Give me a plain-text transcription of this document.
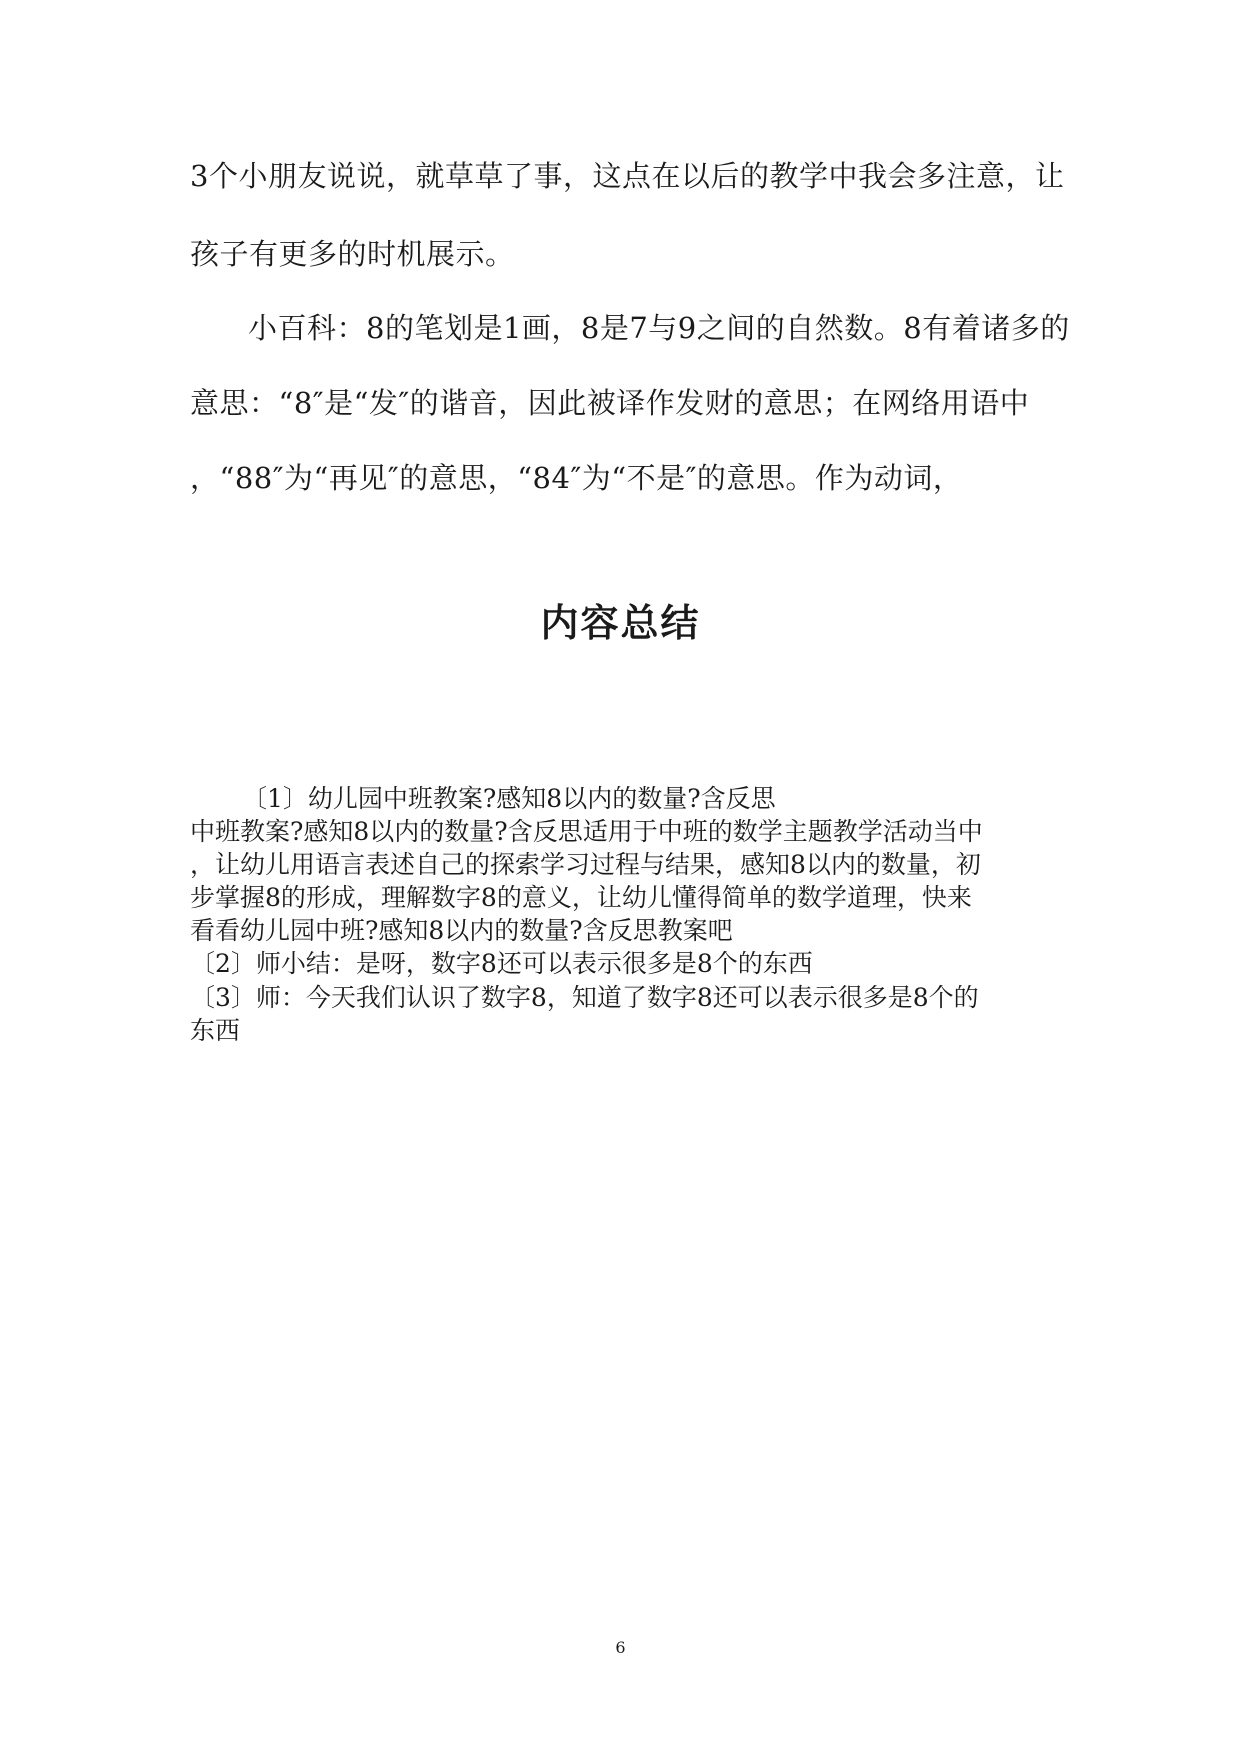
3个小朋友说说，就草草了事，这点在以后的教学中我会多注意，让
孩子有更多的时机展示。
小百科：8的笔划是1画，8是7与9之间的自然数。8有着诸多的
意思：“8″是“发″的谐音，因此被译作发财的意思；在网络用语中
，“88″为“再见″的意思，“84″为“不是″的意思。作为动词，
内容总结
〔1〕幼儿园中班教案?感知8以内的数量?含反思
中班教案?感知8以内的数量?含反思适用于中班的数学主题教学活动当中
，让幼儿用语言表述自己的探索学习过程与结果，感知8以内的数量，初
步掌握8的形成，理解数字8的意义，让幼儿懂得简单的数学道理，快来
看看幼儿园中班?感知8以内的数量?含反思教案吧
〔2〕师小结：是呀，数字8还可以表示很多是8个的东西
〔3〕师：今天我们认识了数字8，知道了数字8还可以表示很多是8个的
东西
6
